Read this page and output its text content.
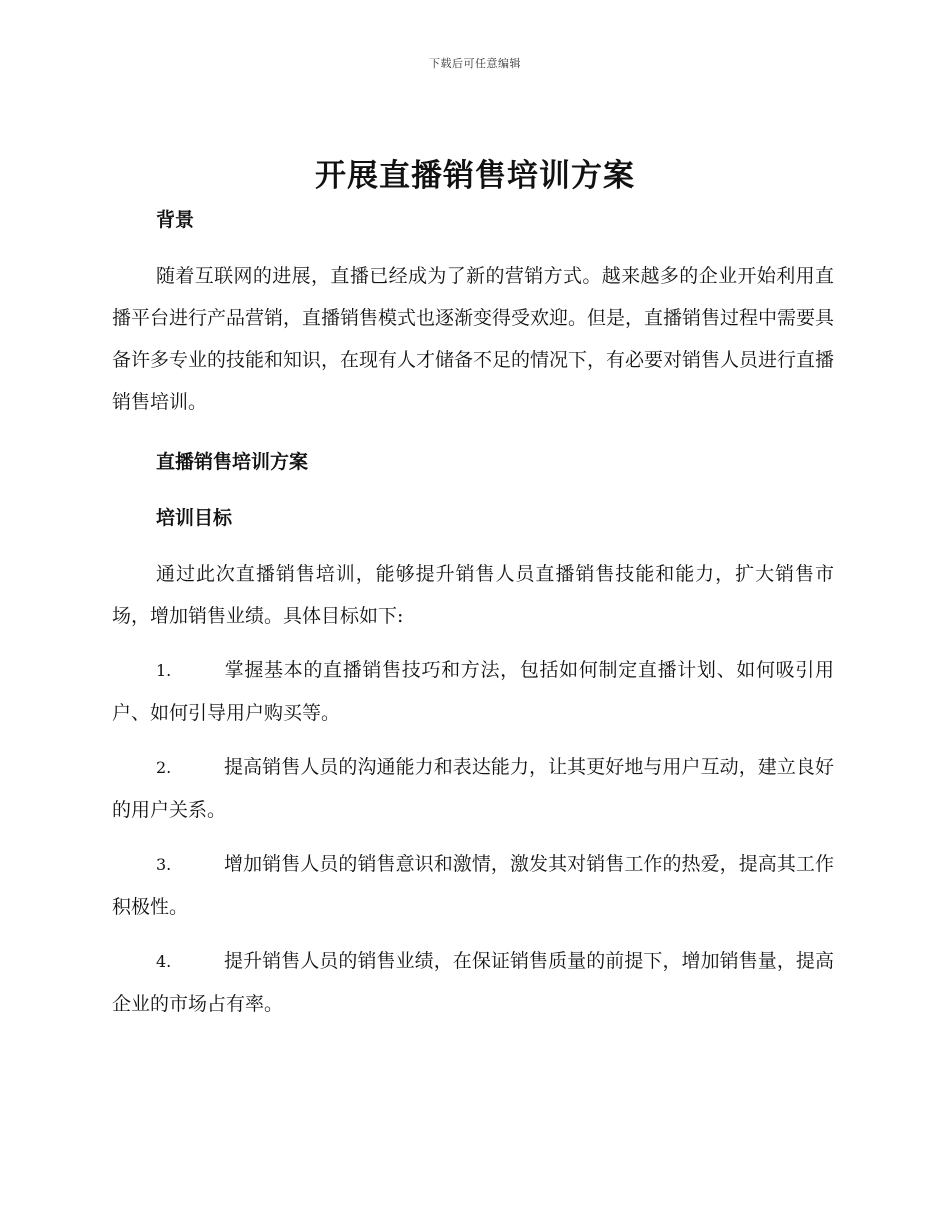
下载后可任意编辑
开展直播销售培训方案

背景

随着互联网的进展，直播已经成为了新的营销方式。越来越多的企业开始利用直播平台进行产品营销，直播销售模式也逐渐变得受欢迎。但是，直播销售过程中需要具备许多专业的技能和知识，在现有人才储备不足的情况下，有必要对销售人员进行直播销售培训。

直播销售培训方案

培训目标

通过此次直播销售培训，能够提升销售人员直播销售技能和能力，扩大销售市场，增加销售业绩。具体目标如下:

1.	掌握基本的直播销售技巧和方法，包括如何制定直播计划、如何吸引用户、如何引导用户购买等。

2.	提高销售人员的沟通能力和表达能力，让其更好地与用户互动，建立良好的用户关系。

3.	增加销售人员的销售意识和激情，激发其对销售工作的热爱，提高其工作积极性。

4.	提升销售人员的销售业绩，在保证销售质量的前提下，增加销售量，提高企业的市场占有率。
